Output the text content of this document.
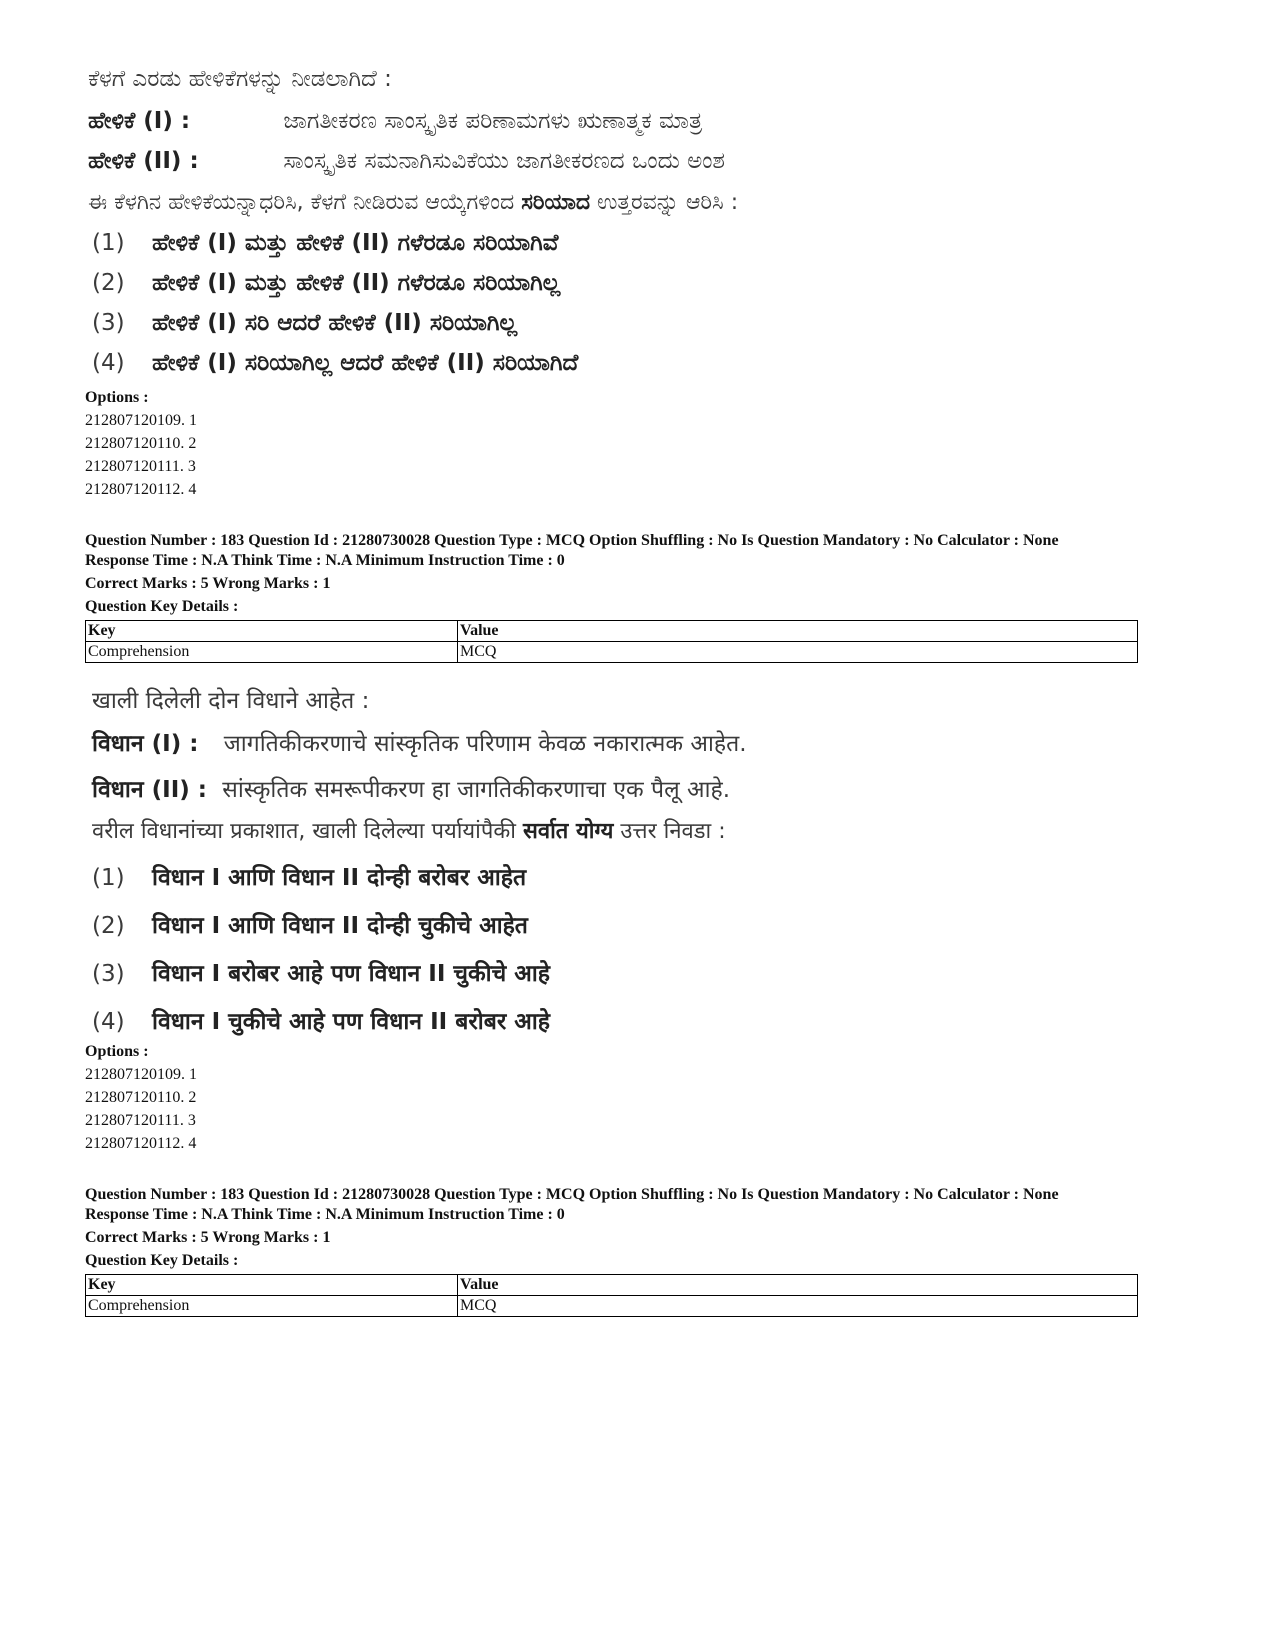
ಕೆಳಗೆ ಎರಡು ಹೇಳಿಕೆಗಳನ್ನು ನೀಡಲಾಗಿದೆ :
ಹೇಳಿಕೆ (I) :	ಜಾಗತೀಕರಣ ಸಾಂಸ್ಕೃತಿಕ ಪರಿಣಾಮಗಳು ಋಣಾತ್ಮಕ ಮಾತ್ರ
ಹೇಳಿಕೆ (II) :	ಸಾಂಸ್ಕೃತಿಕ ಸಮನಾಗಿಸುವಿಕೆಯು ಜಾಗತೀಕರಣದ ಒಂದು ಅಂಶ
ಈ ಕೆಳಗಿನ ಹೇಳಿಕೆಯನ್ನಾಧರಿಸಿ, ಕೆಳಗೆ ನೀಡಿರುವ ಆಯ್ಕೆಗಳಿಂದ ಸರಿಯಾದ ಉತ್ತರವನ್ನು ಆರಿಸಿ :
(1) ಹೇಳಿಕೆ (I) ಮತ್ತು ಹೇಳಿಕೆ (II) ಗಳೆರಡೂ ಸರಿಯಾಗಿವೆ
(2) ಹೇಳಿಕೆ (I) ಮತ್ತು ಹೇಳಿಕೆ (II) ಗಳೆರಡೂ ಸರಿಯಾಗಿಲ್ಲ
(3) ಹೇಳಿಕೆ (I) ಸರಿ ಆದರೆ ಹೇಳಿಕೆ (II) ಸರಿಯಾಗಿಲ್ಲ
(4) ಹೇಳಿಕೆ (I) ಸರಿಯಾಗಿಲ್ಲ ಆದರೆ ಹೇಳಿಕೆ (II) ಸರಿಯಾಗಿದೆ
Options :
212807120109. 1
212807120110. 2
212807120111. 3
212807120112. 4
Question Number : 183 Question Id : 21280730028 Question Type : MCQ Option Shuffling : No Is Question Mandatory : No Calculator : None
Response Time : N.A Think Time : N.A Minimum Instruction Time : 0
Correct Marks : 5 Wrong Marks : 1
Question Key Details :
Key	Value
Comprehension	MCQ
खाली दिलेली दोन विधाने आहेत :
विधान (I) : जागतिकीकरणाचे सांस्कृतिक परिणाम केवळ नकारात्मक आहेत.
विधान (II) : सांस्कृतिक समरूपीकरण हा जागतिकीकरणाचा एक पैलू आहे.
वरील विधानांच्या प्रकाशात, खाली दिलेल्या पर्यायांपैकी सर्वात योग्य उत्तर निवडा :
(1) विधान I आणि विधान II दोन्ही बरोबर आहेत
(2) विधान I आणि विधान II दोन्ही चुकीचे आहेत
(3) विधान I बरोबर आहे पण विधान II चुकीचे आहे
(4) विधान I चुकीचे आहे पण विधान II बरोबर आहे
Options :
212807120109. 1
212807120110. 2
212807120111. 3
212807120112. 4
Question Number : 183 Question Id : 21280730028 Question Type : MCQ Option Shuffling : No Is Question Mandatory : No Calculator : None
Response Time : N.A Think Time : N.A Minimum Instruction Time : 0
Correct Marks : 5 Wrong Marks : 1
Question Key Details :
Key	Value
Comprehension	MCQ
